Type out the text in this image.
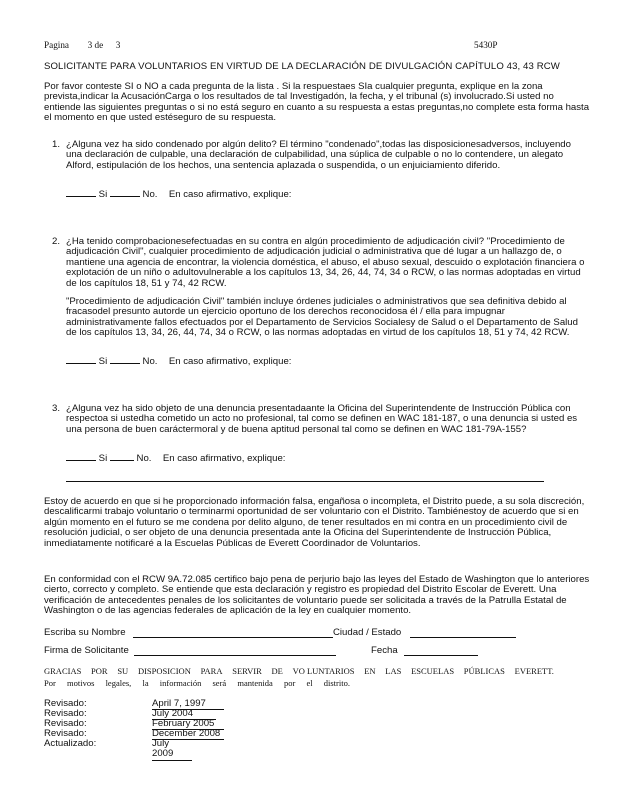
Pagina 3 de 3	5430P
SOLICITANTE PARA VOLUNTARIOS EN VIRTUD DE LA DECLARACIÓN DE DIVULGACIÓN CAPÍTULO 43, 43 RCW
Por favor conteste SI o NO a cada pregunta de la lista . Si la respuestaes SIa cualquier pregunta, explique en la zona prevista,indicar la AcusaciónCarga o los resultados de tal Investigadón, la fecha, y el tribunal (s) involucrado.Si usted no entiende las siguientes preguntas o si no está seguro en cuanto a su respuesta a estas preguntas,no complete esta forma hasta el momento en que usted estéseguro de su respuesta.
1. ¿Alguna vez ha sido condenado por algún delito? El término "condenado",todas las disposicionesadversos, incluyendo una declaración de culpable, una declaración de culpabilidad, una súplica de culpable o no lo contendere, un alegato Alford, estipulación de los hechos, una sentencia aplazada o suspendida, o un enjuiciamiento diferido.
Si	No. En caso afirmativo, explique:
2. ¿Ha tenido comprobacionesefectuadas en su contra en algún procedimiento de adjudicación civil? "Procedimiento de adjudicación Civil", cualquier procedimiento de adjudicación judicial o administrativa que dé lugar a un hallazgo de, o mantiene una agencia de encontrar, la violencia doméstica, el abuso, el abuso sexual, descuido o explotación financiera o explotación de un niño o adultovulnerable a los capítulos 13, 34, 26, 44, 74, 34 o RCW, o las normas adoptadas en virtud de los capítulos 18, 51 y 74, 42 RCW.
"Procedimiento de adjudicación Civil" también incluye órdenes judiciales o administrativos que sea definitiva debido al fracasodel presunto autorde un ejercicio oportuno de los derechos reconocidosa él / ella para impugnar administrativamente fallos efectuados por el Departamento de Servicios Socialesy de Salud o el Departamento de Salud de los capítulos 13, 34, 26, 44, 74, 34 o RCW, o las normas adoptadas en virtud de los capítulos 18, 51 y 74, 42 RCW.
Si	No. En caso afirmativo, explique:
3. ¿Alguna vez ha sido objeto de una denuncia presentadaante la Oficina del Superintendente de Instrucción Pública con respectoa si ustedha cometido un acto no profesional, tal como se definen en WAC 181-187, o una denuncia si usted es una persona de buen caráctermoral y de buena aptitud personal tal como se definen en WAC 181-79A-155?
Si	No. En caso afirmativo, explique:
Estoy de acuerdo en que si he proporcionado información falsa, engañosa o incompleta, el Distrito puede, a su sola discreción, descalificarmi trabajo voluntario o terminarmi oportunidad de ser voluntario con el Distrito. Tambiénestoy de acuerdo que si en algún momento en el futuro se me condena por delito alguno, de tener resultados en mi contra en un procedimiento civil de resolución judicial, o ser objeto de una denuncia presentada ante la Oficina del Superintendente de Instrucción Pública, inmediatamente notificaré a la Escuelas Públicas de Everett Coordinador de Voluntarios.
En conformidad con el RCW 9A.72.085 certifico bajo pena de perjurio bajo las leyes del Estado de Washington que lo anteriores cierto, correcto y completo. Se entiende que esta declaración y registro es propiedad del Distrito Escolar de Everett. Una verificación de antecedentes penales de los solicitantes de voluntario puede ser solicitada a través de la Patrulla Estatal de Washington o de las agencias federales de aplicación de la ley en cualquier momento.
Escriba su Nombre	Ciudad / Estado
Firma de Solicitante	Fecha
GRACIAS POR SU DISPOSICION PARA SERVIR DE VO LUNTARIOS EN LAS ESCUELAS PÚBLICAS EVERETT.
Por motivos legales, la información será mantenida por el distrito.
Revisado:	April 7, 1997
Revisado:	July 2004
Revisado:	February 2005
Revisado:	December 2008
Actualizado:	July 2009
